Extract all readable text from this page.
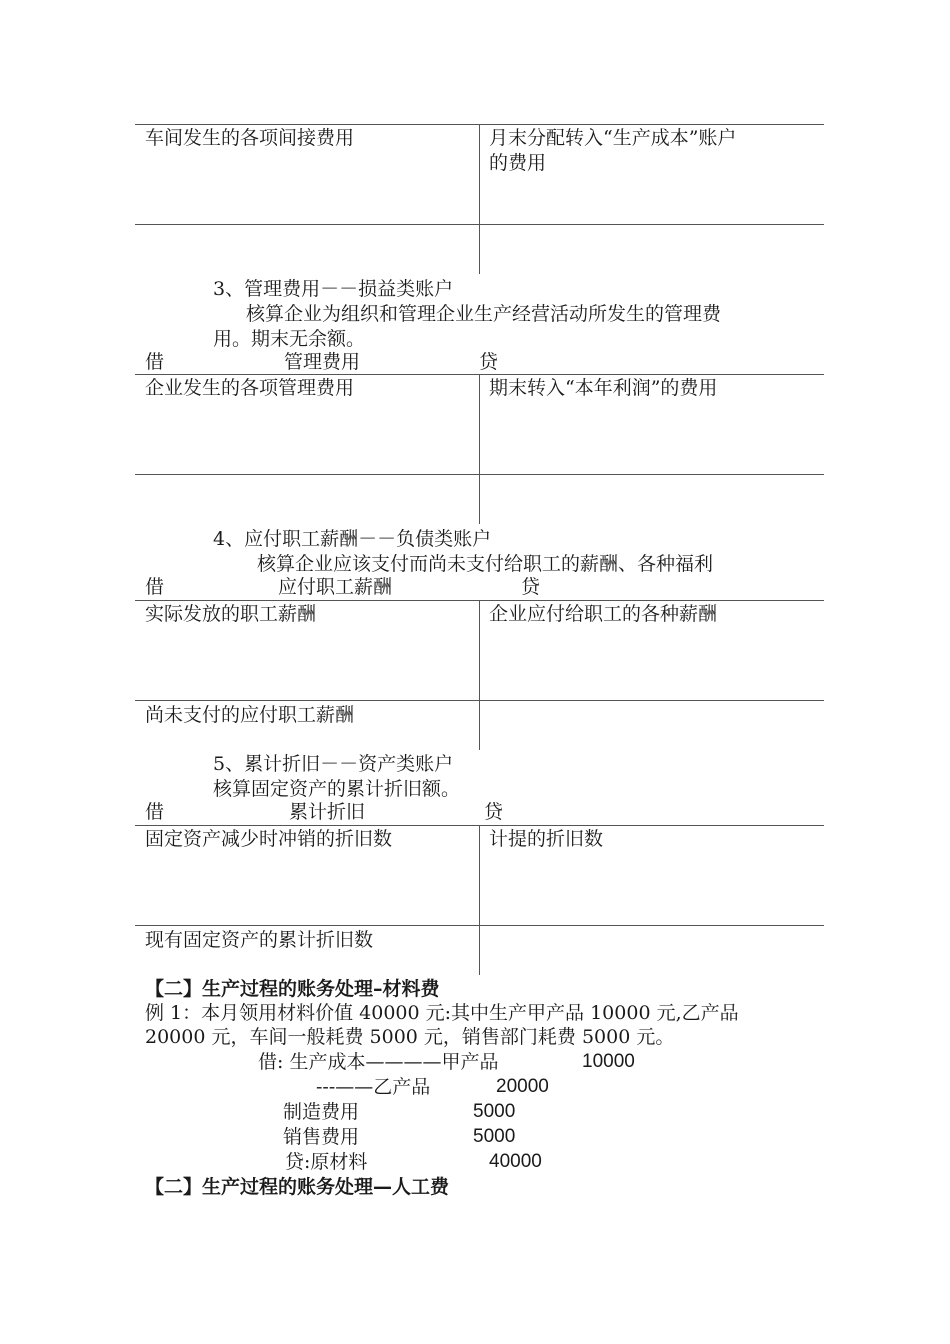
车间发生的各项间接费用	月末分配转入“生产成本”账户
的费用
3、管理费用－－损益类账户
核算企业为组织和管理企业生产经营活动所发生的管理费
用。期末无余额。
借	管理费用	贷
企业发生的各项管理费用	期末转入“本年利润”的费用
4、应付职工薪酬－－负债类账户
核算企业应该支付而尚未支付给职工的薪酬、各种福利
借	应付职工薪酬	贷
实际发放的职工薪酬	企业应付给职工的各种薪酬
尚未支付的应付职工薪酬
5、累计折旧－－资产类账户
核算固定资产的累计折旧额。
借	累计折旧	贷
固定资产减少时冲销的折旧数	计提的折旧数
现有固定资产的累计折旧数
【二】生产过程的账务处理–材料费
例 1：本月领用材料价值 40000 元:其中生产甲产品 10000 元,乙产品
20000 元，车间一般耗费 5000 元，销售部门耗费 5000 元。
借: 生产成本————甲产品	10000
---——乙产品	20000
制造费用	5000
销售费用	5000
贷:原材料	40000
【二】生产过程的账务处理—人工费
